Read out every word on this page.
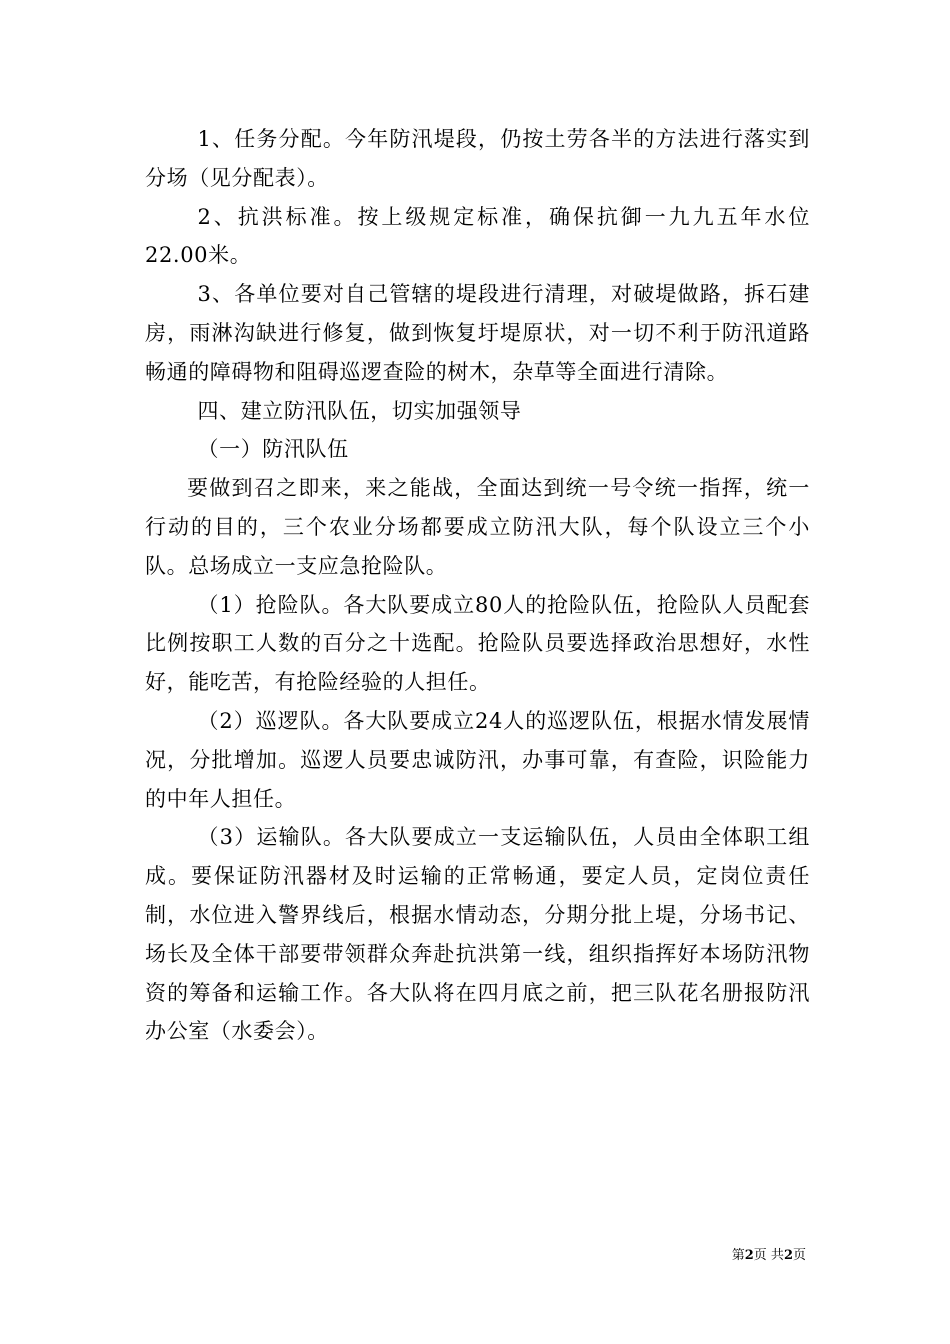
1、任务分配。今年防汛堤段，仍按土劳各半的方法进行落实到分场（见分配表）。

2、抗洪标准。按上级规定标准，确保抗御一九九五年水位22.00米。

3、各单位要对自己管辖的堤段进行清理，对破堤做路，拆石建房，雨淋沟缺进行修复，做到恢复圩堤原状，对一切不利于防汛道路畅通的障碍物和阻碍巡逻查险的树木，杂草等全面进行清除。

四、建立防汛队伍，切实加强领导

（一）防汛队伍

要做到召之即来，来之能战，全面达到统一号令统一指挥，统一行动的目的，三个农业分场都要成立防汛大队，每个队设立三个小队。总场成立一支应急抢险队。

（1）抢险队。各大队要成立80人的抢险队伍，抢险队人员配套比例按职工人数的百分之十选配。抢险队员要选择政治思想好，水性好，能吃苦，有抢险经验的人担任。

（2）巡逻队。各大队要成立24人的巡逻队伍，根据水情发展情况，分批增加。巡逻人员要忠诚防汛，办事可靠，有查险，识险能力的中年人担任。

（3）运输队。各大队要成立一支运输队伍，人员由全体职工组成。要保证防汛器材及时运输的正常畅通，要定人员，定岗位责任制，水位进入警界线后，根据水情动态，分期分批上堤，分场书记、场长及全体干部要带领群众奔赴抗洪第一线，组织指挥好本场防汛物资的筹备和运输工作。各大队将在四月底之前，把三队花名册报防汛办公室（水委会）。

第2页 共2页
